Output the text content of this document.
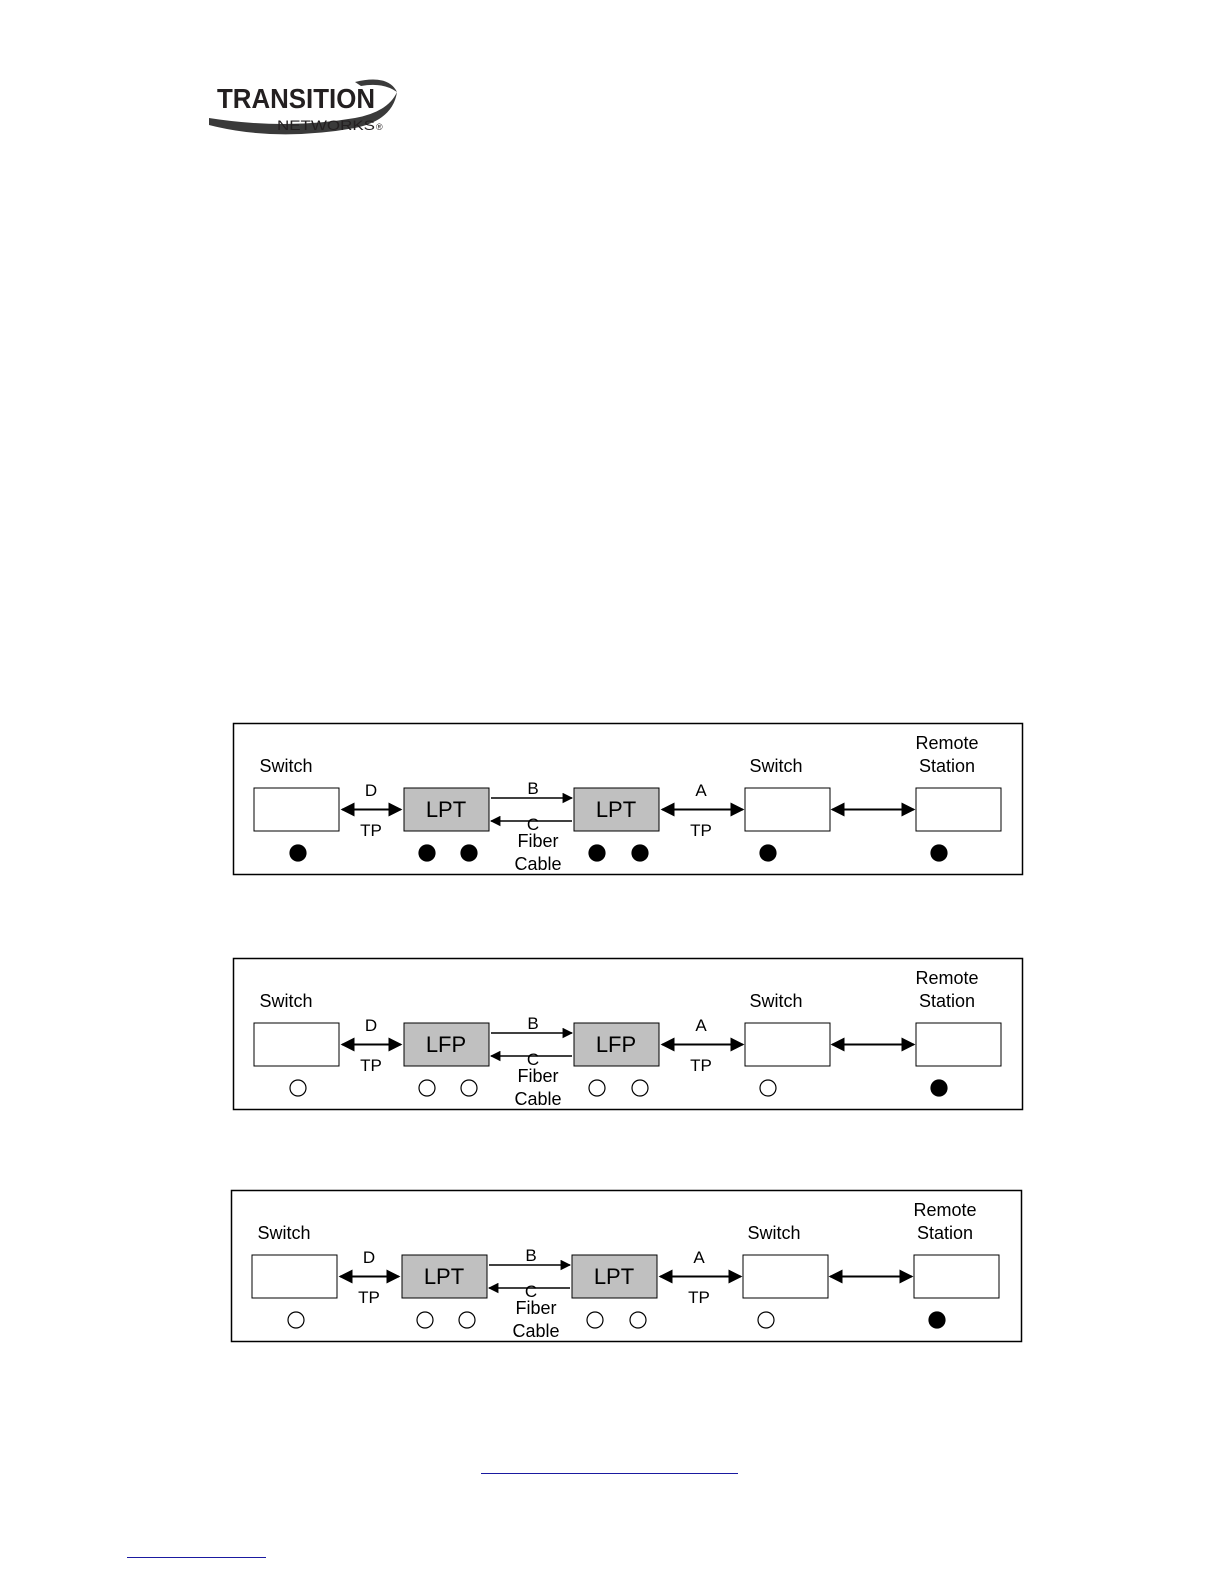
TRANSITION
NETWORKS ®
Switch	Switch
Remote
Station
LPT	LPT
D
TP
B
C
Fiber
Cable
A
TP
Switch	Switch
Remote
Station
LFP	LFP
D
TP
B
C
Fiber
Cable
A
TP
Switch	Switch
Remote
Station
LPT	LPT
D
TP
B
C
Fiber
Cable
A
TP
